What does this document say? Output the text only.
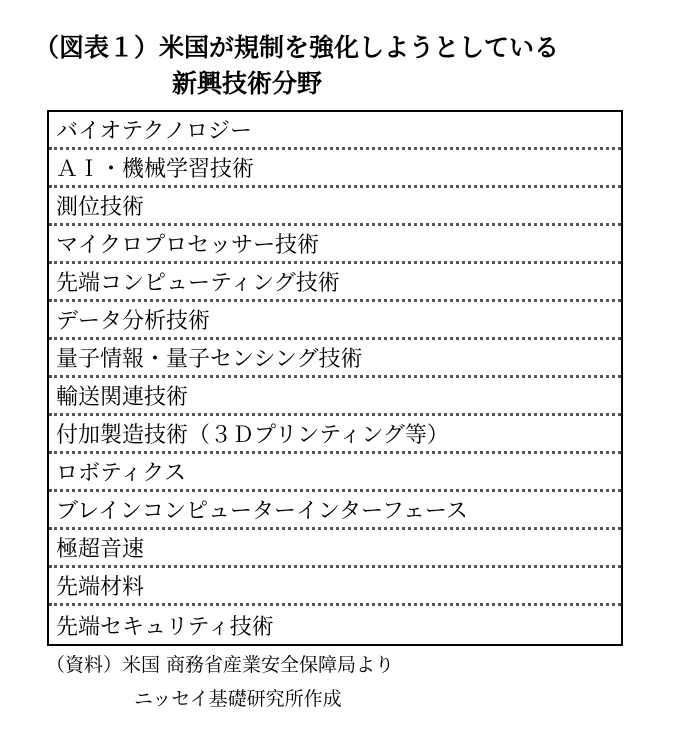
（図表１）米国が規制を強化しようとしている
新興技術分野
バイオテクノロジー
ＡＩ・機械学習技術
測位技術
マイクロプロセッサー技術
先端コンピューティング技術
データ分析技術
量子情報・量子センシング技術
輸送関連技術
付加製造技術（３Ｄプリンティング等）
ロボティクス
ブレインコンピューターインターフェース
極超音速
先端材料
先端セキュリティ技術
（資料）米国 商務省産業安全保障局より
ニッセイ基礎研究所作成
